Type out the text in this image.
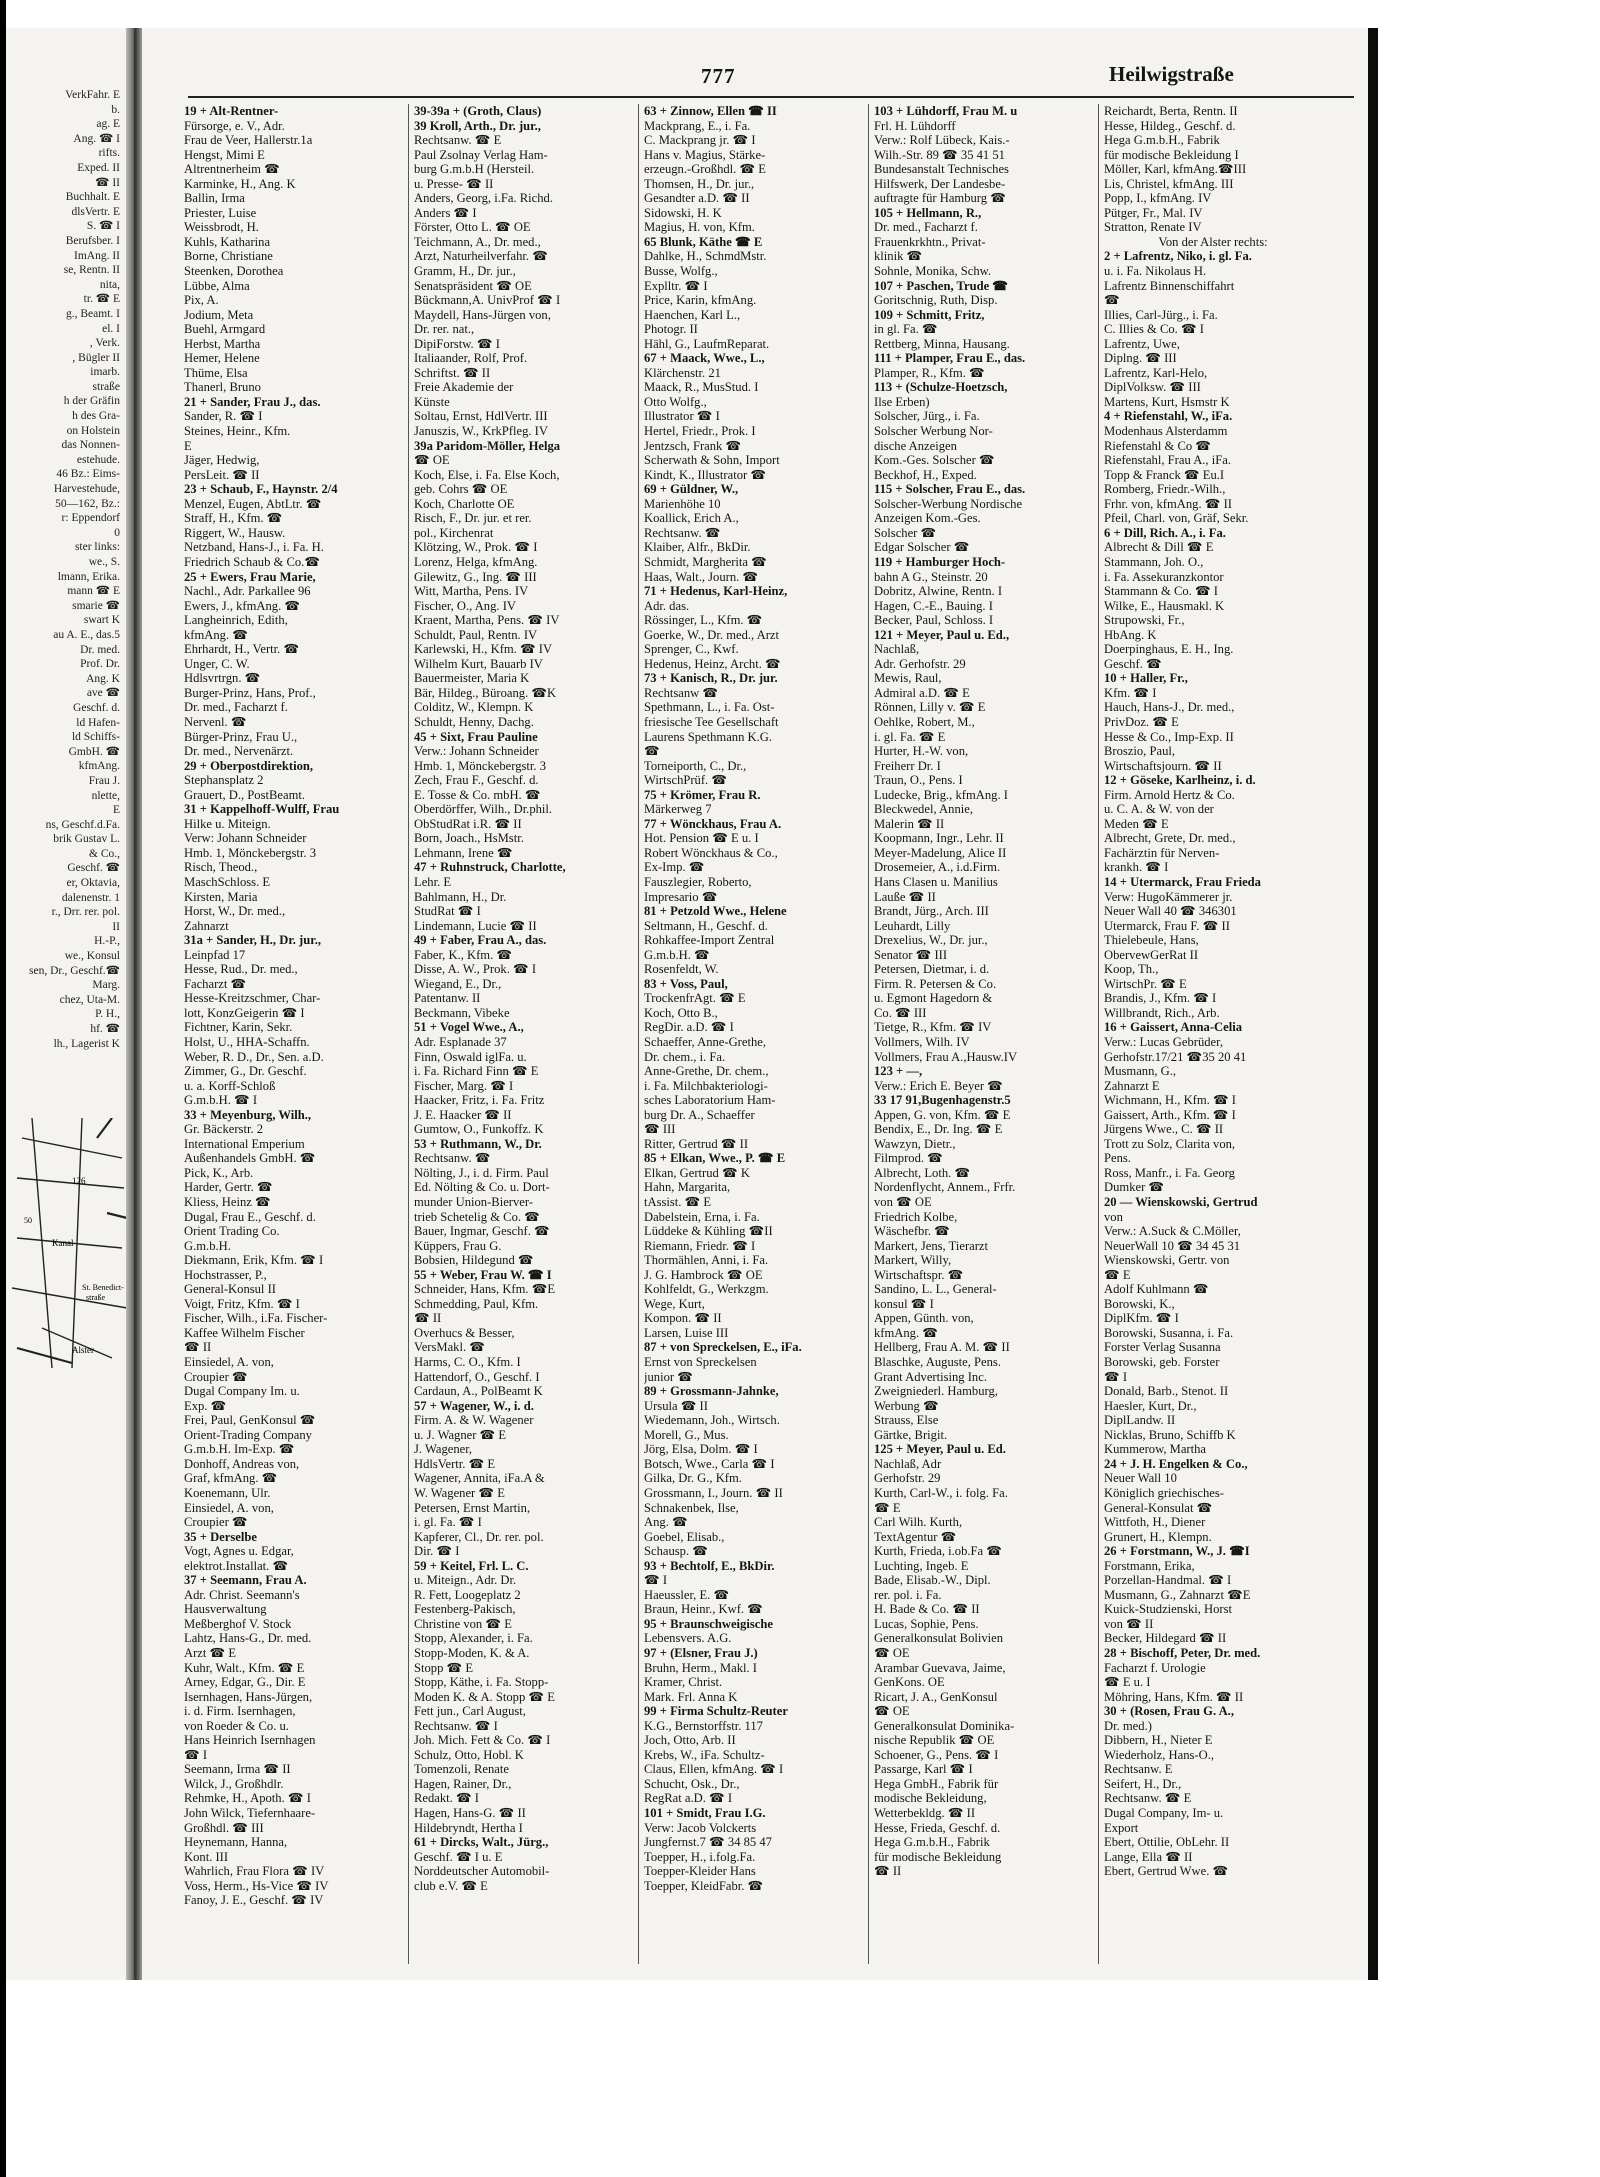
VerkFahr. E
b.
ag. E
Ang. ☎ I
rifts.
Exped. II
☎ II
Buchhalt. E
dlsVertr. E
S. ☎ I
Berufsber. I
ImAng. II
se, Rentn. II
nita,
tr. ☎ E
g., Beamt. I
el. I
, Verk.
, Bügler II
imarb.
straße
h der Gräfin
h des Gra-
on Holstein
das Nonnen-
estehude.
46 Bz.: Eims-
Harvestehude,
50—162, Bz.:
r: Eppendorf
0
ster links:
we., S.
lmann, Erika.
mann ☎ E
smarie ☎
swart K
au A. E., das.5
Dr. med.
Prof. Dr.
Ang. K
ave ☎
Geschf. d.
ld Hafen-
ld Schiffs-
GmbH. ☎
kfmAng.
Frau J.
nlette,
E
ns, Geschf.d.Fa.
brik Gustav L.
& Co.,
Geschf. ☎
er, Oktavia,
dalenenstr. 1
r., Drr. rer. pol.
II
H.-P.,
we., Konsul
sen, Dr., Geschf.☎
Marg.
chez, Uta-M.
P. H.,
hf. ☎
lh., Lagerist K
126
Kanal
St. Benedict-
straße
Alster
50
777	Heilwigstraße
19 + Alt-Rentner-
Fürsorge, e. V., Adr.
Frau de Veer, Hallerstr.1a
Hengst, Mimi E
Altrentnerheim ☎
Karminke, H., Ang. K
Ballin, Irma
Priester, Luise
Weissbrodt, H.
Kuhls, Katharina
Borne, Christiane
Steenken, Dorothea
Lübbe, Alma
Pix, A.
Jodium, Meta
Buehl, Armgard
Herbst, Martha
Hemer, Helene
Thüme, Elsa
Thanerl, Bruno
21 + Sander, Frau J., das.
Sander, R. ☎ I
Steines, Heinr., Kfm.
E
Jäger, Hedwig,
PersLeit. ☎ II
23 + Schaub, F., Haynstr. 2/4
Menzel, Eugen, AbtLtr. ☎
Straff, H., Kfm. ☎
Riggert, W., Hausw.
Netzband, Hans-J., i. Fa. H.
Friedrich Schaub & Co.☎
25 + Ewers, Frau Marie,
Nachl., Adr. Parkallee 96
Ewers, J., kfmAng. ☎
Langheinrich, Edith,
kfmAng. ☎
Ehrhardt, H., Vertr. ☎
Unger, C. W.
Hdlsvrtrgn. ☎
Burger-Prinz, Hans, Prof.,
Dr. med., Facharzt f.
Nervenl. ☎
Bürger-Prinz, Frau U.,
Dr. med., Nervenärzt.
29 + Oberpostdirektion,
Stephansplatz 2
Grauert, D., PostBeamt.
31 + Kappelhoff-Wulff, Frau
Hilke u. Miteign.
Verw: Johann Schneider
Hmb. 1, Mönckebergstr. 3
Risch, Theod.,
MaschSchloss. E
Kirsten, Maria
Horst, W., Dr. med.,
Zahnarzt
31a + Sander, H., Dr. jur.,
Leinpfad 17
Hesse, Rud., Dr. med.,
Facharzt ☎
Hesse-Kreitzschmer, Char-
lott, KonzGeigerin ☎ I
Fichtner, Karin, Sekr.
Holst, U., HHA-Schaffn.
Weber, R. D., Dr., Sen. a.D.
Zimmer, G., Dr. Geschf.
u. a. Korff-Schloß
G.m.b.H. ☎ I
33 + Meyenburg, Wilh.,
Gr. Bäckerstr. 2
International Emperium
Außenhandels GmbH. ☎
Pick, K., Arb.
Harder, Gertr. ☎
Kliess, Heinz ☎
Dugal, Frau E., Geschf. d.
Orient Trading Co.
G.m.b.H.
Diekmann, Erik, Kfm. ☎ I
Hochstrasser, P.,
General-Konsul II
Voigt, Fritz, Kfm. ☎ I
Fischer, Wilh., i.Fa. Fischer-
Kaffee Wilhelm Fischer
☎ II
Einsiedel, A. von,
Croupier ☎
Dugal Company Im. u.
Exp. ☎
Frei, Paul, GenKonsul ☎
Orient-Trading Company
G.m.b.H. Im-Exp. ☎
Donhoff, Andreas von,
Graf, kfmAng. ☎
Koenemann, Ulr.
Einsiedel, A. von,
Croupier ☎
35 + Derselbe
Vogt, Agnes u. Edgar,
elektrot.Installat. ☎
37 + Seemann, Frau A.
Adr. Christ. Seemann's
Hausverwaltung
Meßberghof V. Stock
Lahtz, Hans-G., Dr. med.
Arzt ☎ E
Kuhr, Walt., Kfm. ☎ E
Arney, Edgar, G., Dir. E
Isernhagen, Hans-Jürgen,
i. d. Firm. Isernhagen,
von Roeder & Co. u.
Hans Heinrich Isernhagen
☎ I
Seemann, Irma ☎ II
Wilck, J., Großhdlr.
Rehmke, H., Apoth. ☎ I
John Wilck, Tiefernhaare-
Großhdl. ☎ III
Heynemann, Hanna,
Kont. III
Wahrlich, Frau Flora ☎ IV
Voss, Herm., Hs-Vice ☎ IV
Fanoy, J. E., Geschf. ☎ IV
39-39a + (Groth, Claus)
39 Kroll, Arth., Dr. jur.,
Rechtsanw. ☎ E
Paul Zsolnay Verlag Ham-
burg G.m.b.H (Hersteil.
u. Presse- ☎ II
Anders, Georg, i.Fa. Richd.
Anders ☎ I
Förster, Otto L. ☎ OE
Teichmann, A., Dr. med.,
Arzt, Naturheilverfahr. ☎
Gramm, H., Dr. jur.,
Senatspräsident ☎ OE
Bückmann,A. UnivProf ☎ I
Maydell, Hans-Jürgen von,
Dr. rer. nat.,
DipiForstw. ☎ I
Italiaander, Rolf, Prof.
Schriftst. ☎ II
Freie Akademie der
Künste
Soltau, Ernst, HdlVertr. III
Januszis, W., KrkPfleg. IV
39a Paridom-Möller, Helga
☎ OE
Koch, Else, i. Fa. Else Koch,
geb. Cohrs ☎ OE
Koch, Charlotte OE
Risch, F., Dr. jur. et rer.
pol., Kirchenrat
Klötzing, W., Prok. ☎ I
Lorenz, Helga, kfmAng.
Gilewitz, G., Ing. ☎ III
Witt, Martha, Pens. IV
Fischer, O., Ang. IV
Kraent, Martha, Pens. ☎ IV
Schuldt, Paul, Rentn. IV
Karlewski, H., Kfm. ☎ IV
Wilhelm Kurt, Bauarb IV
Bauermeister, Maria K
Bär, Hildeg., Büroang. ☎K
Colditz, W., Klempn. K
Schuldt, Henny, Dachg.
45 + Sixt, Frau Pauline
Verw.: Johann Schneider
Hmb. 1, Mönckebergstr. 3
Zech, Frau F., Geschf. d.
E. Tosse & Co. mbH. ☎
Oberdörffer, Wilh., Dr.phil.
ObStudRat i.R. ☎ II
Born, Joach., HsMstr.
Lehmann, Irene ☎
47 + Ruhnstruck, Charlotte,
Lehr. E
Bahlmann, H., Dr.
StudRat ☎ I
Lindemann, Lucie ☎ II
49 + Faber, Frau A., das.
Faber, K., Kfm. ☎
Disse, A. W., Prok. ☎ I
Wiegand, E., Dr.,
Patentanw. II
Beckmann, Vibeke
51 + Vogel Wwe., A.,
Adr. Esplanade 37
Finn, Oswald iglFa. u.
i. Fa. Richard Finn ☎ E
Fischer, Marg. ☎ I
Haacker, Fritz, i. Fa. Fritz
J. E. Haacker ☎ II
Gumtow, O., Funkoffz. K
53 + Ruthmann, W., Dr.
Rechtsanw. ☎
Nölting, J., i. d. Firm. Paul
Ed. Nölting & Co. u. Dort-
munder Union-Bierver-
trieb Schetelig & Co. ☎
Bauer, Ingmar, Geschf. ☎
Küppers, Frau G.
Bobsien, Hildegund ☎
55 + Weber, Frau W. ☎ I
Schneider, Hans, Kfm. ☎E
Schmedding, Paul, Kfm.
☎ II
Overhucs & Besser,
VersMakl. ☎
Harms, C. O., Kfm. I
Hattendorf, O., Geschf. I
Cardaun, A., PolBeamt K
57 + Wagener, W., i. d.
Firm. A. & W. Wagener
u. J. Wagner ☎ E
J. Wagener,
HdlsVertr. ☎ E
Wagener, Annita, iFa.A &
W. Wagener ☎ E
Petersen, Ernst Martin,
i. gl. Fa. ☎ I
Kapferer, Cl., Dr. rer. pol.
Dir. ☎ I
59 + Keitel, Frl. L. C.
u. Miteign., Adr. Dr.
R. Fett, Loogeplatz 2
Festenberg-Pakisch,
Christine von ☎ E
Stopp, Alexander, i. Fa.
Stopp-Moden, K. & A.
Stopp ☎ E
Stopp, Käthe, i. Fa. Stopp-
Moden K. & A. Stopp ☎ E
Fett jun., Carl August,
Rechtsanw. ☎ I
Joh. Mich. Fett & Co. ☎ I
Schulz, Otto, Hobl. K
Tomenzoli, Renate
Hagen, Rainer, Dr.,
Redakt. ☎ I
Hagen, Hans-G. ☎ II
Hildebryndt, Hertha I
61 + Dircks, Walt., Jürg.,
Geschf. ☎ I u. E
Norddeutscher Automobil-
club e.V. ☎ E
63 + Zinnow, Ellen ☎ II
Mackprang, E., i. Fa.
C. Mackprang jr. ☎ I
Hans v. Magius, Stärke-
erzeugn.-Großhdl. ☎ E
Thomsen, H., Dr. jur.,
Gesandter a.D. ☎ II
Sidowski, H. K
Magius, H. von, Kfm.
65 Blunk, Käthe ☎ E
Dahlke, H., SchmdMstr.
Busse, Wolfg.,
Explltr. ☎ I
Price, Karin, kfmAng.
Haenchen, Karl L.,
Photogr. II
Hähl, G., LaufmReparat.
67 + Maack, Wwe., L.,
Klärchenstr. 21
Maack, R., MusStud. I
Otto Wolfg.,
Illustrator ☎ I
Hertel, Friedr., Prok. I
Jentzsch, Frank ☎
Scherwath & Sohn, Import
Kindt, K., Illustrator ☎
69 + Güldner, W.,
Marienhöhe 10
Koallick, Erich A.,
Rechtsanw. ☎
Klaiber, Alfr., BkDir.
Schmidt, Margherita ☎
Haas, Walt., Journ. ☎
71 + Hedenus, Karl-Heinz,
Adr. das.
Rössinger, L., Kfm. ☎
Goerke, W., Dr. med., Arzt
Sprenger, C., Kwf.
Hedenus, Heinz, Archt. ☎
73 + Kanisch, R., Dr. jur.
Rechtsanw ☎
Spethmann, L., i. Fa. Ost-
friesische Tee Gesellschaft
Laurens Spethmann K.G.
☎
Torneiporth, C., Dr.,
WirtschPrüf. ☎
75 + Krömer, Frau R.
Märkerweg 7
77 + Wönckhaus, Frau A.
Hot. Pension ☎ E u. I
Robert Wönckhaus & Co.,
Ex-Imp. ☎
Fauszlegier, Roberto,
Impresario ☎
81 + Petzold Wwe., Helene
Seltmann, H., Geschf. d.
Rohkaffee-Import Zentral
G.m.b.H. ☎
Rosenfeldt, W.
83 + Voss, Paul,
TrockenfrAgt. ☎ E
Koch, Otto B.,
RegDir. a.D. ☎ I
Schaeffer, Anne-Grethe,
Dr. chem., i. Fa.
Anne-Grethe, Dr. chem.,
i. Fa. Milchbakteriologi-
sches Laboratorium Ham-
burg Dr. A., Schaeffer
☎ III
Ritter, Gertrud ☎ II
85 + Elkan, Wwe., P. ☎ E
Elkan, Gertrud ☎ K
Hahn, Margarita,
tAssist. ☎ E
Dabelstein, Erna, i. Fa.
Lüddeke & Kühling ☎II
Riemann, Friedr. ☎ I
Thormählen, Anni, i. Fa.
J. G. Hambrock ☎ OE
Kohlfeldt, G., Werkzgm.
Wege, Kurt,
Kompon. ☎ II
Larsen, Luise III
87 + von Spreckelsen, E., iFa.
Ernst von Spreckelsen
junior ☎
89 + Grossmann-Jahnke,
Ursula ☎ II
Wiedemann, Joh., Wirtsch.
Morell, G., Mus.
Jörg, Elsa, Dolm. ☎ I
Botsch, Wwe., Carla ☎ I
Gilka, Dr. G., Kfm.
Grossmann, I., Journ. ☎ II
Schnakenbek, Ilse,
Ang. ☎
Goebel, Elisab.,
Schausp. ☎
93 + Bechtolf, E., BkDir.
☎ I
Haeussler, E. ☎
Braun, Heinr., Kwf. ☎
95 + Braunschweigische
Lebensvers. A.G.
97 + (Elsner, Frau J.)
Bruhn, Herm., Makl. I
Kramer, Christ.
Mark. Frl. Anna K
99 + Firma Schultz-Reuter
K.G., Bernstorffstr. 117
Joch, Otto, Arb. II
Krebs, W., iFa. Schultz-
Claus, Ellen, kfmAng. ☎ I
Schucht, Osk., Dr.,
RegRat a.D. ☎ I
101 + Smidt, Frau I.G.
Verw: Jacob Volckerts
Jungfernst.7 ☎ 34 85 47
Toepper, H., i.folg.Fa.
Toepper-Kleider Hans
Toepper, KleidFabr. ☎
103 + Lühdorff, Frau M. u
Frl. H. Lühdorff
Verw.: Rolf Lübeck, Kais.-
Wilh.-Str. 89 ☎ 35 41 51
Bundesanstalt Technisches
Hilfswerk, Der Landesbe-
auftragte für Hamburg ☎
105 + Hellmann, R.,
Dr. med., Facharzt f.
Frauenkrkhtn., Privat-
klinik ☎
Sohnle, Monika, Schw.
107 + Paschen, Trude ☎
Goritschnig, Ruth, Disp.
109 + Schmitt, Fritz,
in gl. Fa. ☎
Rettberg, Minna, Hausang.
111 + Plamper, Frau E., das.
Plamper, R., Kfm. ☎
113 + (Schulze-Hoetzsch,
Ilse Erben)
Solscher, Jürg., i. Fa.
Solscher Werbung Nor-
dische Anzeigen
Kom.-Ges. Solscher ☎
Beckhof, H., Exped.
115 + Solscher, Frau E., das.
Solscher-Werbung Nordische
Anzeigen Kom.-Ges.
Solscher ☎
Edgar Solscher ☎
119 + Hamburger Hoch-
bahn A G., Steinstr. 20
Dobritz, Alwine, Rentn. I
Hagen, C.-E., Bauing. I
Becker, Paul, Schloss. I
121 + Meyer, Paul u. Ed.,
Nachlaß,
Adr. Gerhofstr. 29
Mewis, Raul,
Admiral a.D. ☎ E
Rönnen, Lilly v. ☎ E
Oehlke, Robert, M.,
i. gl. Fa. ☎ E
Hurter, H.-W. von,
Freiherr Dr. I
Traun, O., Pens. I
Ludecke, Brig., kfmAng. I
Bleckwedel, Annie,
Malerin ☎ II
Koopmann, Ingr., Lehr. II
Meyer-Madelung, Alice II
Drosemeier, A., i.d.Firm.
Hans Clasen u. Manilius
Lauße ☎ II
Brandt, Jürg., Arch. III
Leuhardt, Lilly
Drexelius, W., Dr. jur.,
Senator ☎ III
Petersen, Dietmar, i. d.
Firm. R. Petersen & Co.
u. Egmont Hagedorn &
Co. ☎ III
Tietge, R., Kfm. ☎ IV
Vollmers, Wilh. IV
Vollmers, Frau A.,Hausw.IV
123 + —,
Verw.: Erich E. Beyer ☎
33 17 91,Bugenhagenstr.5
Appen, G. von, Kfm. ☎ E
Bendix, E., Dr. Ing. ☎ E
Wawzyn, Dietr.,
Filmprod. ☎
Albrecht, Loth. ☎
Nordenflycht, Annem., Frfr.
von ☎ OE
Friedrich Kolbe,
Wäschefbr. ☎
Markert, Jens, Tierarzt
Markert, Willy,
Wirtschaftspr. ☎
Sandino, L. L., General-
konsul ☎ I
Appen, Günth. von,
kfmAng. ☎
Hellberg, Frau A. M. ☎ II
Blaschke, Auguste, Pens.
Grant Advertising Inc.
Zweigniederl. Hamburg,
Werbung ☎
Strauss, Else
Gärtke, Brigit.
125 + Meyer, Paul u. Ed.
Nachlaß, Adr
Gerhofstr. 29
Kurth, Carl-W., i. folg. Fa.
☎ E
Carl Wilh. Kurth,
TextAgentur ☎
Kurth, Frieda, i.ob.Fa ☎
Luchting, Ingeb. E
Bade, Elisab.-W., Dipl.
rer. pol. i. Fa.
H. Bade & Co. ☎ II
Lucas, Sophie, Pens.
Generalkonsulat Bolivien
☎ OE
Arambar Guevava, Jaime,
GenKons. OE
Ricart, J. A., GenKonsul
☎ OE
Generalkonsulat Dominika-
nische Republik ☎ OE
Schoener, G., Pens. ☎ I
Passarge, Karl ☎ I
Hega GmbH., Fabrik für
modische Bekleidung,
Wetterbekldg. ☎ II
Hesse, Frieda, Geschf. d.
Hega G.m.b.H., Fabrik
für modische Bekleidung
☎ II
Reichardt, Berta, Rentn. II
Hesse, Hildeg., Geschf. d.
Hega G.m.b.H., Fabrik
für modische Bekleidung I
Möller, Karl, kfmAng.☎III
Lis, Christel, kfmAng. III
Popp, I., kfmAng. IV
Pütger, Fr., Mal. IV
Stratton, Renate IV
Von der Alster rechts:
2 + Lafrentz, Niko, i. gl. Fa.
u. i. Fa. Nikolaus H.
Lafrentz Binnenschiffahrt
☎
Illies, Carl-Jürg., i. Fa.
C. Illies & Co. ☎ I
Lafrentz, Uwe,
Diplng. ☎ III
Lafrentz, Karl-Helo,
DiplVolksw. ☎ III
Martens, Kurt, Hsmstr K
4 + Riefenstahl, W., iFa.
Modenhaus Alsterdamm
Riefenstahl & Co ☎
Riefenstahl, Frau A., iFa.
Topp & Franck ☎ Eu.I
Romberg, Friedr.-Wilh.,
Frhr. von, kfmAng. ☎ II
Pfeil, Charl. von, Gräf, Sekr.
6 + Dill, Rich. A., i. Fa.
Albrecht & Dill ☎ E
Stammann, Joh. O.,
i. Fa. Assekuranzkontor
Stammann & Co. ☎ I
Wilke, E., Hausmakl. K
Strupowski, Fr.,
HbAng. K
Doerpinghaus, E. H., Ing.
Geschf. ☎
10 + Haller, Fr.,
Kfm. ☎ I
Hauch, Hans-J., Dr. med.,
PrivDoz. ☎ E
Hesse & Co., Imp-Exp. II
Broszio, Paul,
Wirtschaftsjourn. ☎ II
12 + Göseke, Karlheinz, i. d.
Firm. Arnold Hertz & Co.
u. C. A. & W. von der
Meden ☎ E
Albrecht, Grete, Dr. med.,
Fachärztin für Nerven-
krankh. ☎ I
14 + Utermarck, Frau Frieda
Verw: HugoKämmerer jr.
Neuer Wall 40 ☎ 346301
Utermarck, Frau F. ☎ II
Thielebeule, Hans,
ObervewGerRat II
Koop, Th.,
WirtschPr. ☎ E
Brandis, J., Kfm. ☎ I
Willbrandt, Rich., Arb.
16 + Gaissert, Anna-Celia
Verw.: Lucas Gebrüder,
Gerhofstr.17/21 ☎35 20 41
Musmann, G.,
Zahnarzt E
Wichmann, H., Kfm. ☎ I
Gaissert, Arth., Kfm. ☎ I
Jürgens Wwe., C. ☎ II
Trott zu Solz, Clarita von,
Pens.
Ross, Manfr., i. Fa. Georg
Dumker ☎
20 — Wienskowski, Gertrud
von
Verw.: A.Suck & C.Möller,
NeuerWall 10 ☎ 34 45 31
Wienskowski, Gertr. von
☎ E
Adolf Kuhlmann ☎
Borowski, K.,
DiplKfm. ☎ I
Borowski, Susanna, i. Fa.
Forster Verlag Susanna
Borowski, geb. Forster
☎ I
Donald, Barb., Stenot. II
Haesler, Kurt, Dr.,
DiplLandw. II
Nicklas, Bruno, Schiffb K
Kummerow, Martha
24 + J. H. Engelken & Co.,
Neuer Wall 10
Königlich griechisches-
General-Konsulat ☎
Wittfoth, H., Diener
Grunert, H., Klempn.
26 + Forstmann, W., J. ☎I
Forstmann, Erika,
Porzellan-Handmal. ☎ I
Musmann, G., Zahnarzt ☎E
Kuick-Studzienski, Horst
von ☎ II
Becker, Hildegard ☎ II
28 + Bischoff, Peter, Dr. med.
Facharzt f. Urologie
☎ E u. I
Möhring, Hans, Kfm. ☎ II
30 + (Rosen, Frau G. A.,
Dr. med.)
Dibbern, H., Nieter E
Wiederholz, Hans-O.,
Rechtsanw. E
Seifert, H., Dr.,
Rechtsanw. ☎ E
Dugal Company, Im- u.
Export
Ebert, Ottilie, ObLehr. II
Lange, Ella ☎ II
Ebert, Gertrud Wwe. ☎
